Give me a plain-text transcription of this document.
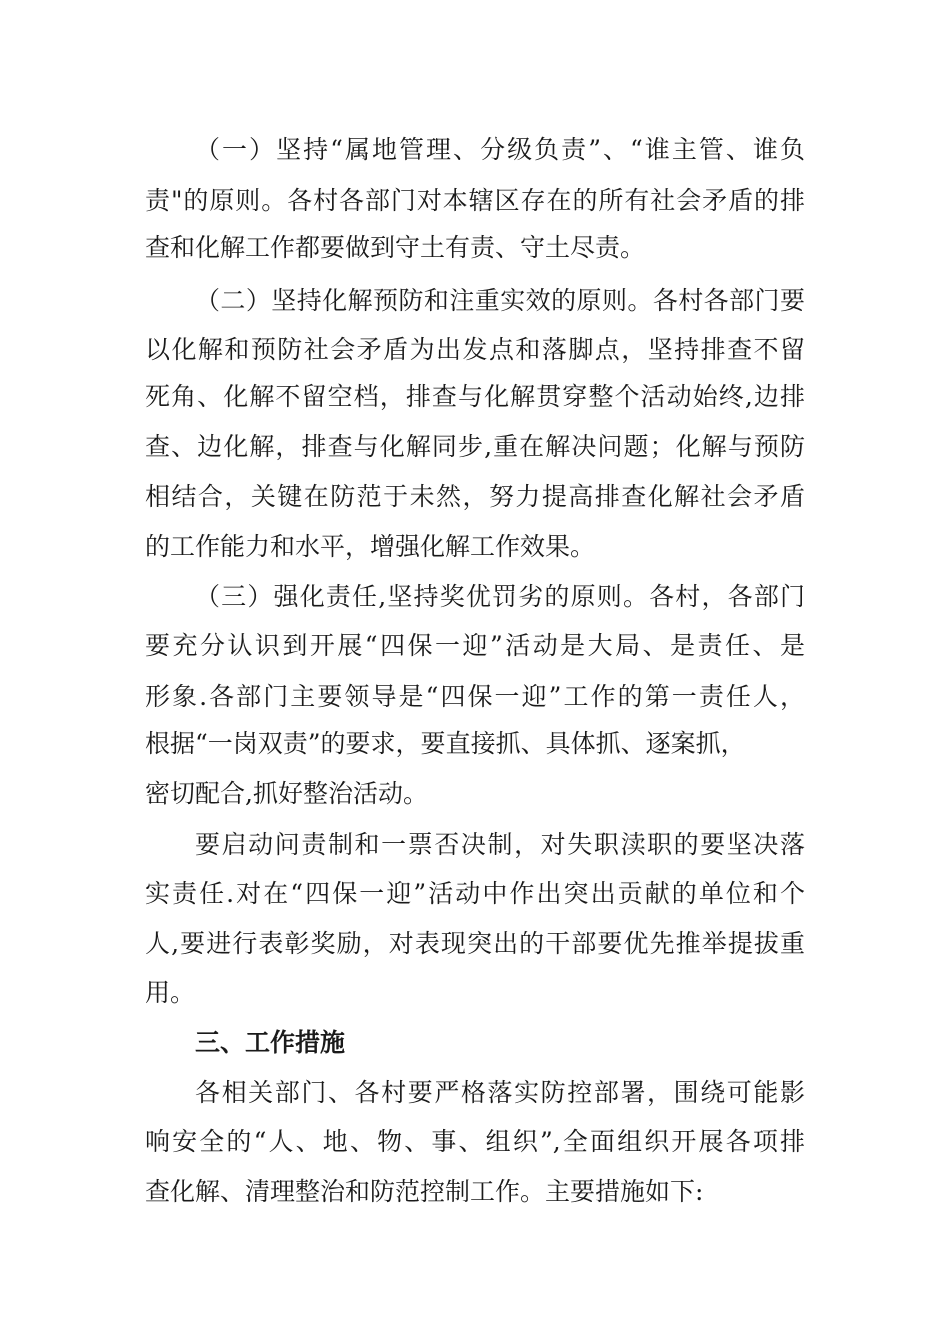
（一）坚持“属地管理、分级负责”、“谁主管、谁负
责"的原则。各村各部门对本辖区存在的所有社会矛盾的排
查和化解工作都要做到守土有责、守土尽责。
（二）坚持化解预防和注重实效的原则。各村各部门要
以化解和预防社会矛盾为出发点和落脚点，坚持排查不留
死角、化解不留空档，排查与化解贯穿整个活动始终,边排
查、边化解，排查与化解同步,重在解决问题；化解与预防
相结合，关键在防范于未然，努力提高排查化解社会矛盾
的工作能力和水平，增强化解工作效果。
（三）强化责任,坚持奖优罚劣的原则。各村，各部门
要充分认识到开展“四保一迎”活动是大局、是责任、是
形象.各部门主要领导是“四保一迎”工作的第一责任人，
根据“一岗双责”的要求，要直接抓、具体抓、逐案抓，
密切配合,抓好整治活动。
要启动问责制和一票否决制，对失职渎职的要坚决落
实责任.对在“四保一迎”活动中作出突出贡献的单位和个
人,要进行表彰奖励，对表现突出的干部要优先推举提拔重
用。
三、工作措施
各相关部门、各村要严格落实防控部署，围绕可能影
响安全的“人、地、物、事、组织”,全面组织开展各项排
查化解、清理整治和防范控制工作。主要措施如下:
